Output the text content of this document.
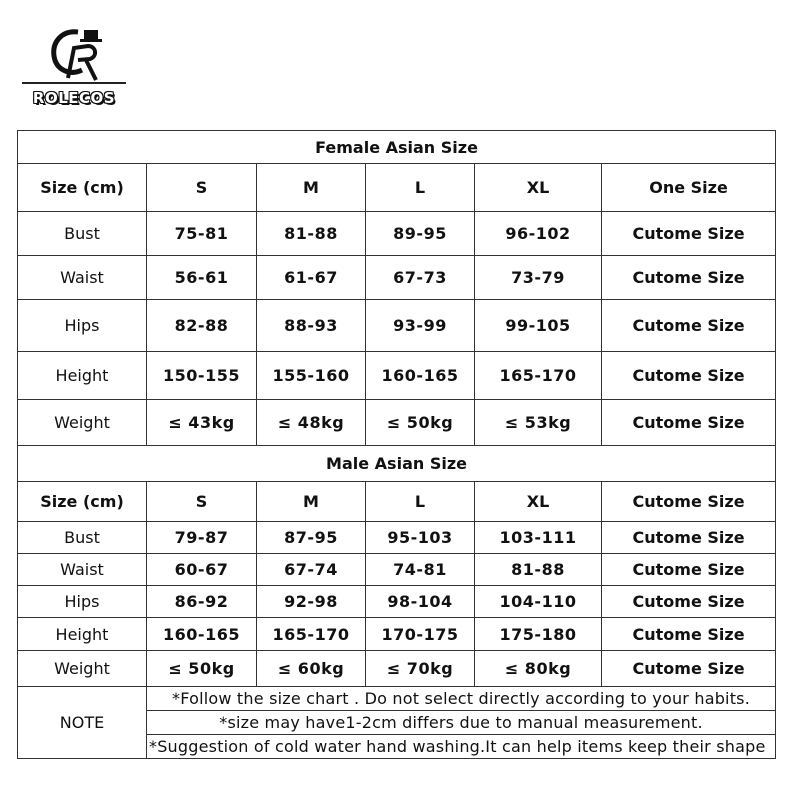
ROLECOS
Female Asian Size					
Size (cm)	S	M	L	XL	One Size
Bust	75-81	81-88	89-95	96-102	Cutome Size
Waist	56-61	61-67	67-73	73-79	Cutome Size
Hips	82-88	88-93	93-99	99-105	Cutome Size
Height	150-155	155-160	160-165	165-170	Cutome Size
Weight	≤ 43kg	≤ 48kg	≤ 50kg	≤ 53kg	Cutome Size
Male Asian Size					
Size (cm)	S	M	L	XL	Cutome Size
Bust	79-87	87-95	95-103	103-111	Cutome Size
Waist	60-67	67-74	74-81	81-88	Cutome Size
Hips	86-92	92-98	98-104	104-110	Cutome Size
Height	160-165	165-170	170-175	175-180	Cutome Size
Weight	≤ 50kg	≤ 60kg	≤ 70kg	≤ 80kg	Cutome Size
NOTE	*Follow the size chart . Do not select directly according to your habits.				
	*size may have1-2cm differs due to manual measurement.				
	*Suggestion of cold water hand washing.It can help items keep their shape				
